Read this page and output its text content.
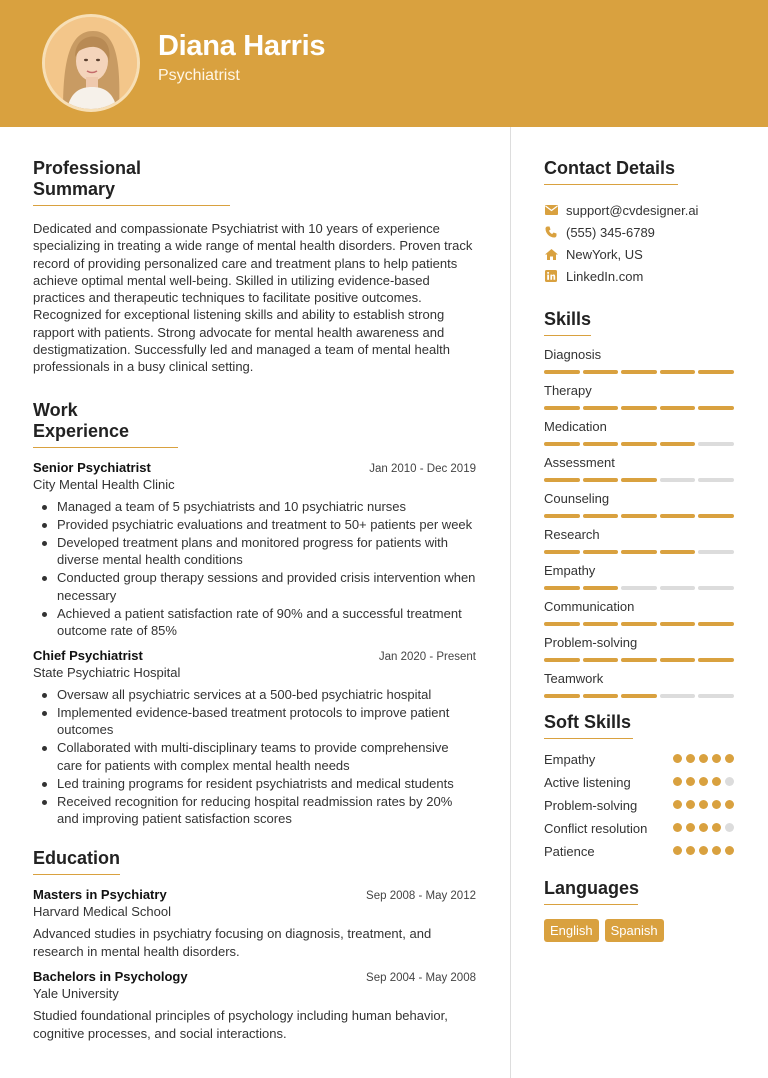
Diana Harris
Psychiatrist
Professional Summary

Dedicated and compassionate Psychiatrist with 10 years of experience specializing in treating a wide range of mental health disorders. Proven track record of providing personalized care and treatment plans to help patients achieve optimal mental well-being. Skilled in utilizing evidence-based practices and therapeutic techniques to facilitate positive outcomes. Recognized for exceptional listening skills and ability to establish strong rapport with patients. Strong advocate for mental health awareness and destigmatization. Successfully led and managed a team of mental health professionals in a busy clinical setting.

Work Experience
Senior Psychiatrist	Jan 2010 - Dec 2019
City Mental Health Clinic
Managed a team of 5 psychiatrists and 10 psychiatric nurses
Provided psychiatric evaluations and treatment to 50+ patients per week
Developed treatment plans and monitored progress for patients with diverse mental health conditions
Conducted group therapy sessions and provided crisis intervention when necessary
Achieved a patient satisfaction rate of 90% and a successful treatment outcome rate of 85%
Chief Psychiatrist	Jan 2020 - Present
State Psychiatric Hospital
Oversaw all psychiatric services at a 500-bed psychiatric hospital
Implemented evidence-based treatment protocols to improve patient outcomes
Collaborated with multi-disciplinary teams to provide comprehensive care for patients with complex mental health needs
Led training programs for resident psychiatrists and medical students
Received recognition for reducing hospital readmission rates by 20% and improving patient satisfaction scores
Education
Masters in Psychiatry	Sep 2008 - May 2012
Harvard Medical School

Advanced studies in psychiatry focusing on diagnosis, treatment, and research in mental health disorders.

Bachelors in Psychology	Sep 2004 - May 2008
Yale University

Studied foundational principles of psychology including human behavior, cognitive processes, and social interactions.

Contact Details
support@cvdesigner.ai
(555) 345-6789
NewYork, US
LinkedIn.com
Skills
Diagnosis
Therapy
Medication
Assessment
Counseling
Research
Empathy
Communication
Problem-solving
Teamwork
Soft Skills
Empathy
Active listening
Problem-solving
Conflict resolution
Patience
Languages
English	Spanish
